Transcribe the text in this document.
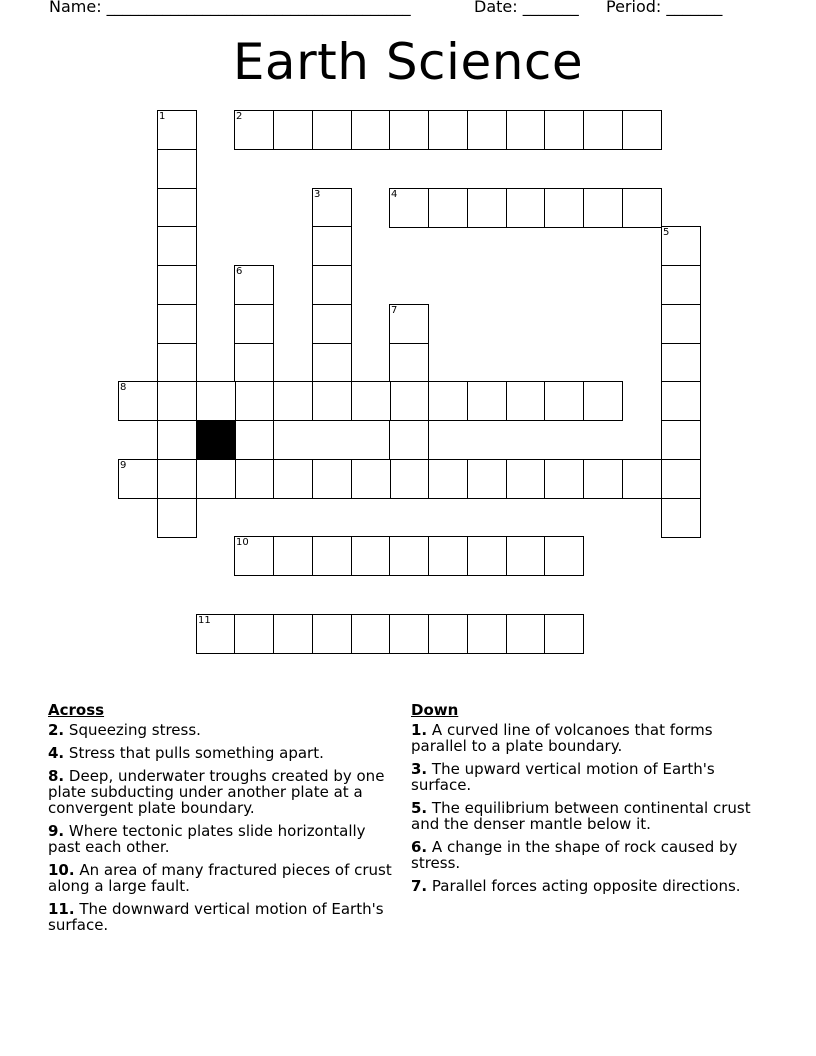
Name: ______________________________________	Date: _______ Period: _______
Earth Science
1	2
3	4
5
6
7
8
9
10
11
Across
2. Squeezing stress.
4. Stress that pulls something apart.
8. Deep, underwater troughs created by one plate subducting under another plate at a convergent plate boundary.
9. Where tectonic plates slide horizontally past each other.
10. An area of many fractured pieces of crust along a large fault.
11. The downward vertical motion of Earth's surface.
Down
1. A curved line of volcanoes that forms parallel to a plate boundary.
3. The upward vertical motion of Earth's surface.
5. The equilibrium between continental crust and the denser mantle below it.
6. A change in the shape of rock caused by stress.
7. Parallel forces acting opposite directions.
